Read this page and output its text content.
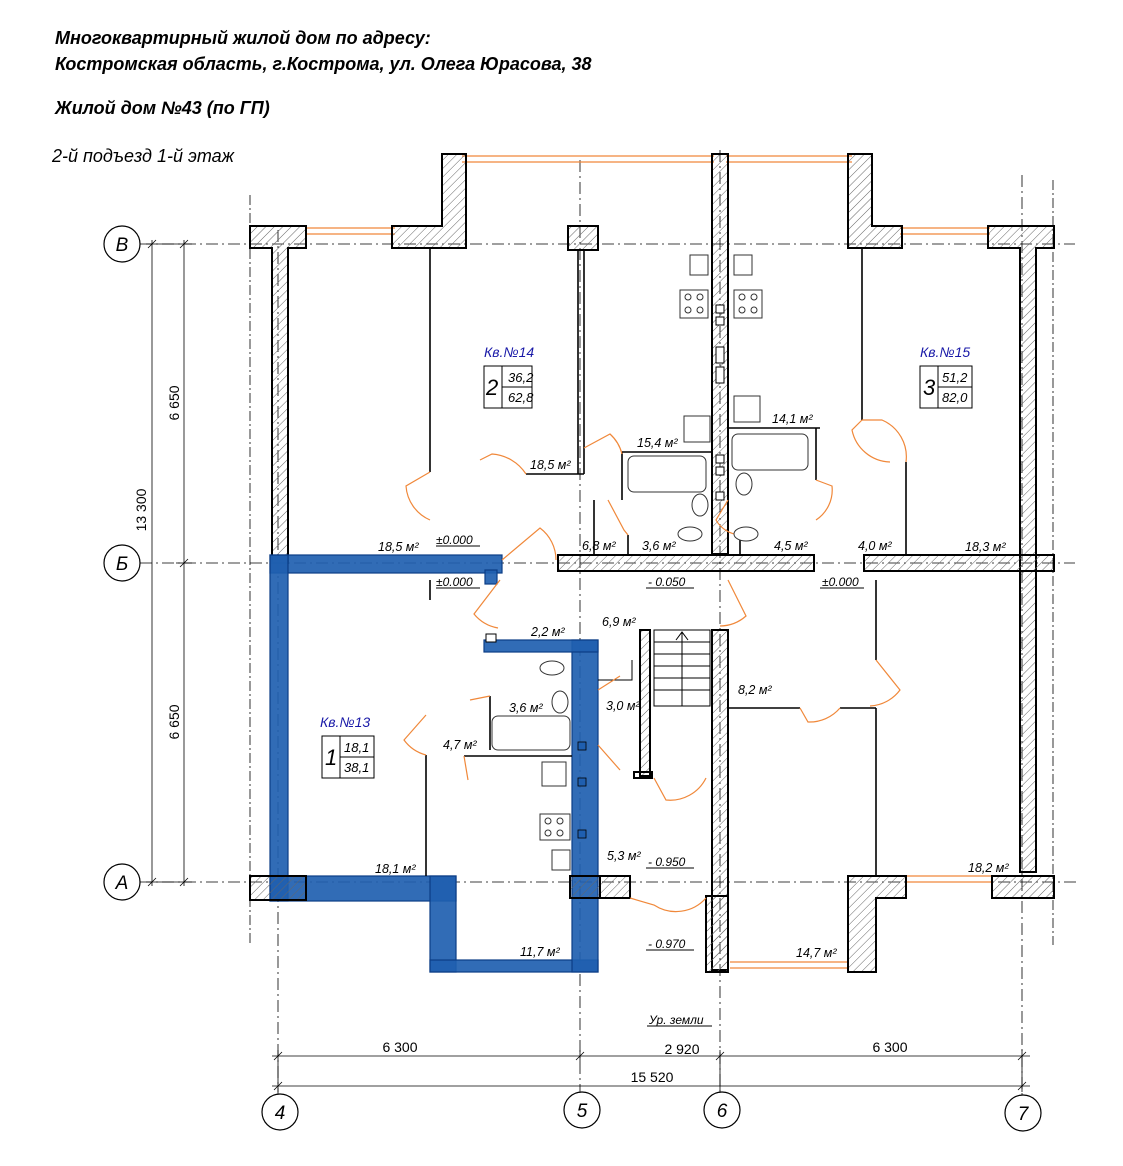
В
Б
А
4	5	6	7
13 300
6 650
6 650
6 300	2 920	6 300
15 520
Кв.№14
2 36,2
62,8
Кв.№15
3 51,2
82,0
Кв.№13
1 18,1
38,1
18,5 м²
15,4 м²
14,1 м²
18,5 м²	6,8 м² 3,6 м²	4,5 м²	4,0 м²	18,3 м²
2,2 м²
6,9 м²
3,6 м²	3,0 м²
8,2 м²
4,7 м²
5,3 м²
18,1 м²	18,2 м²
11,7 м²	14,7 м²
±0.000
±0.000	- 0.050	±0.000
- 0.950
- 0.970
Ур. земли
Многоквартирный жилой дом по адресу:
Костромская область, г.Кострома, ул. Олега Юрасова, 38
Жилой дом №43 (по ГП)
2-й подъезд 1-й этаж
